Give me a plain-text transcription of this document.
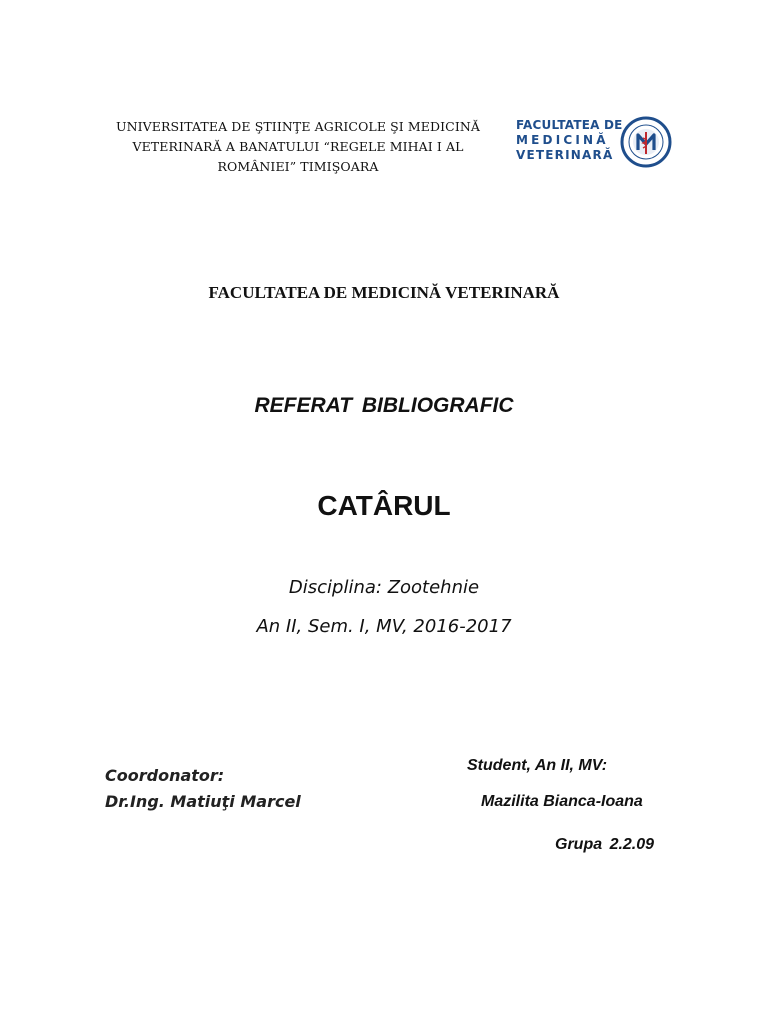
UNIVERSITATEA DE ŞTIINŢE AGRICOLE ŞI MEDICINĂ
VETERINARĂ A BANATULUI “REGELE MIHAI I AL
ROMÂNIEI” TIMIŞOARA
FACULTATEA DE
MEDICINĂ
VETERINARĂ
FACULTATEA DE MEDICINĂ VETERINARĂ
REFERAT BIBLIOGRAFIC
CATÂRUL
Disciplina: Zootehnie
An II, Sem. I, MV, 2016-2017
Coordonator:
Dr.Ing. Matiuţi Marcel
Student, An II, MV:
Mazilita Bianca-Ioana
Grupa 2.2.09
